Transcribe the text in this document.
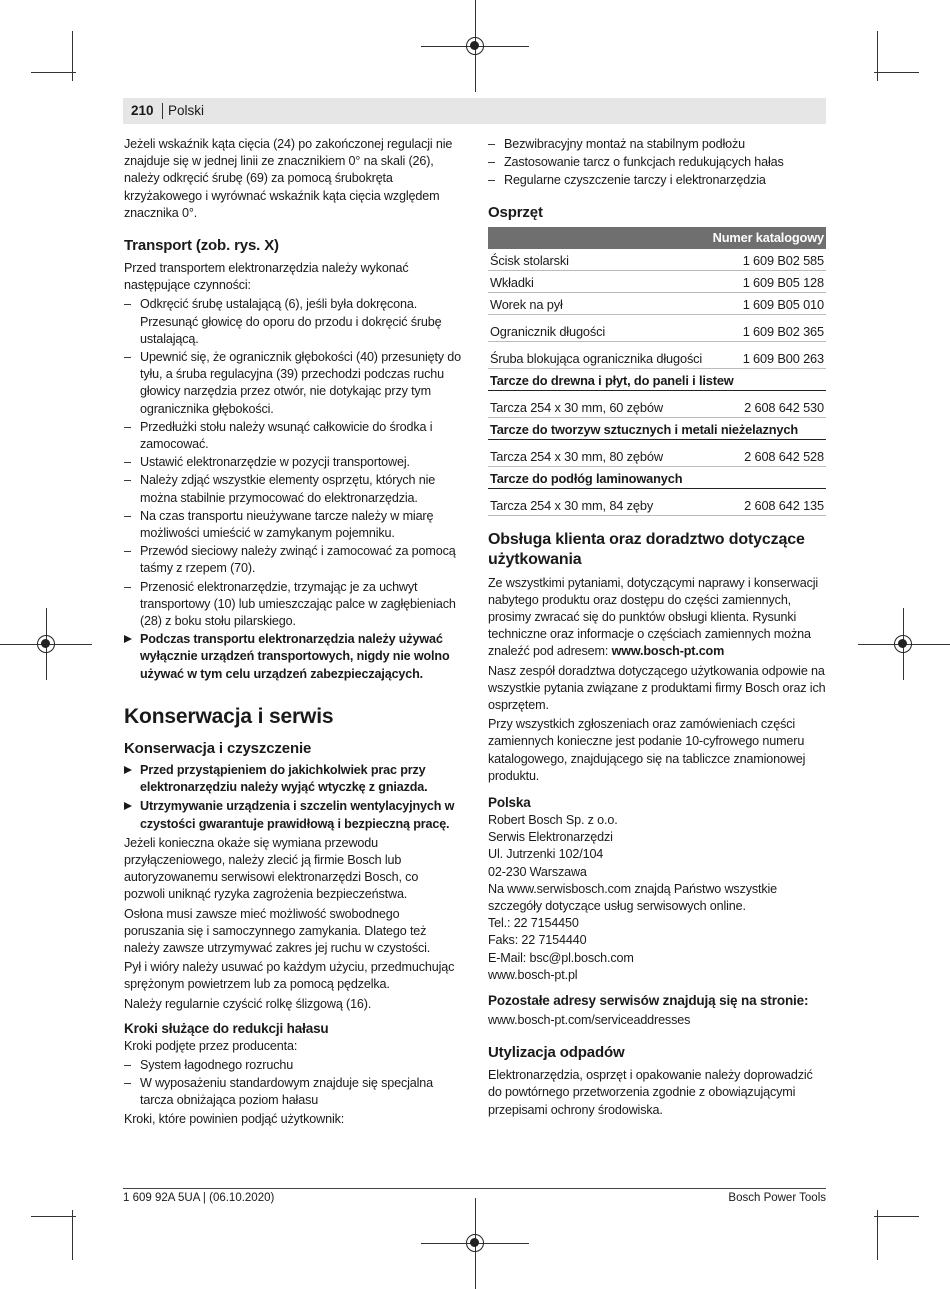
210 Polski

Jeżeli wskaźnik kąta cięcia (24) po zakończonej regulacji nie znajduje się w jednej linii ze znacznikiem 0° na skali (26), należy odkręcić śrubę (69) za pomocą śrubokręta krzyżakowego i wyrównać wskaźnik kąta cięcia względem znacznika 0°.

Transport (zob. rys. X)

Przed transportem elektronarzędzia należy wykonać następujące czynności:

– Odkręcić śrubę ustalającą (6), jeśli była dokręcona. Przesunąć głowicę do oporu do przodu i dokręcić śrubę ustalającą.
– Upewnić się, że ogranicznik głębokości (40) przesunięty do tyłu, a śruba regulacyjna (39) przechodzi podczas ruchu głowicy narzędzia przez otwór, nie dotykając przy tym ogranicznika głębokości.
– Przedłużki stołu należy wsunąć całkowicie do środka i zamocować.
– Ustawić elektronarzędzie w pozycji transportowej.
– Należy zdjąć wszystkie elementy osprzętu, których nie można stabilnie przymocować do elektronarzędzia.
– Na czas transportu nieużywane tarcze należy w miarę możliwości umieścić w zamykanym pojemniku.
– Przewód sieciowy należy zwinąć i zamocować za pomocą taśmy z rzepem (70).
– Przenosić elektronarzędzie, trzymając je za uchwyt transportowy (10) lub umieszczając palce w zagłębieniach (28) z boku stołu pilarskiego.
Podczas transportu elektronarzędzia należy używać wyłącznie urządzeń transportowych, nigdy nie wolno używać w tym celu urządzeń zabezpieczających.
Konserwacja i serwis
Konserwacja i czyszczenie
Przed przystąpieniem do jakichkolwiek prac przy elektronarzędziu należy wyjąć wtyczkę z gniazda.
Utrzymywanie urządzenia i szczelin wentylacyjnych w czystości gwarantuje prawidłową i bezpieczną pracę.

Jeżeli konieczna okaże się wymiana przewodu przyłączeniowego, należy zlecić ją firmie Bosch lub autoryzowanemu serwisowi elektronarzędzi Bosch, co pozwoli uniknąć ryzyka zagrożenia bezpieczeństwa.

Osłona musi zawsze mieć możliwość swobodnego poruszania się i samoczynnego zamykania. Dlatego też należy zawsze utrzymywać zakres jej ruchu w czystości.

Pył i wióry należy usuwać po każdym użyciu, przedmuchując sprężonym powietrzem lub za pomocą pędzelka.

Należy regularnie czyścić rolkę ślizgową (16).

Kroki służące do redukcji hałasu

Kroki podjęte przez producenta:

– System łagodnego rozruchu
– W wyposażeniu standardowym znajduje się specjalna tarcza obniżająca poziom hałasu

Kroki, które powinien podjąć użytkownik:

– Bezwibracyjny montaż na stabilnym podłożu
– Zastosowanie tarcz o funkcjach redukujących hałas
– Regularne czyszczenie tarczy i elektronarzędzia
Osprzęt
Numer katalogowy	
Ścisk stolarski	1 609 B02 585
Wkładki	1 609 B05 128
Worek na pył	1 609 B05 010
Ogranicznik długości	1 609 B02 365
Śruba blokująca ogranicznika długości	1 609 B00 263
Tarcze do drewna i płyt, do paneli i listew	
Tarcza 254 x 30 mm, 60 zębów	2 608 642 530
Tarcze do tworzyw sztucznych i metali nieżelaznych	
Tarcza 254 x 30 mm, 80 zębów	2 608 642 528
Tarcze do podłóg laminowanych	
Tarcza 254 x 30 mm, 84 zęby	2 608 642 135
Obsługa klienta oraz doradztwo dotyczące użytkowania

Ze wszystkimi pytaniami, dotyczącymi naprawy i konserwacji nabytego produktu oraz dostępu do części zamiennych, prosimy zwracać się do punktów obsługi klienta. Rysunki techniczne oraz informacje o częściach zamiennych można znaleźć pod adresem: www.bosch-pt.com

Nasz zespół doradztwa dotyczącego użytkowania odpowie na wszystkie pytania związane z produktami firmy Bosch oraz ich osprzętem.

Przy wszystkich zgłoszeniach oraz zamówieniach części zamiennych konieczne jest podanie 10-cyfrowego numeru katalogowego, znajdującego się na tabliczce znamionowej produktu.

Polska
Robert Bosch Sp. z o.o.
Serwis Elektronarzędzi
Ul. Jutrzenki 102/104
02-230 Warszawa
Na www.serwisbosch.com znajdą Państwo wszystkie szczegóły dotyczące usług serwisowych online.
Tel.: 22 7154450
Faks: 22 7154440
E-Mail: bsc@pl.bosch.com
www.bosch-pt.pl
Pozostałe adresy serwisów znajdują się na stronie:
www.bosch-pt.com/serviceaddresses
Utylizacja odpadów

Elektronarzędzia, osprzęt i opakowanie należy doprowadzić do powtórnego przetworzenia zgodnie z obowiązującymi przepisami ochrony środowiska.

1 609 92A 5UA | (06.10.2020)	Bosch Power Tools
